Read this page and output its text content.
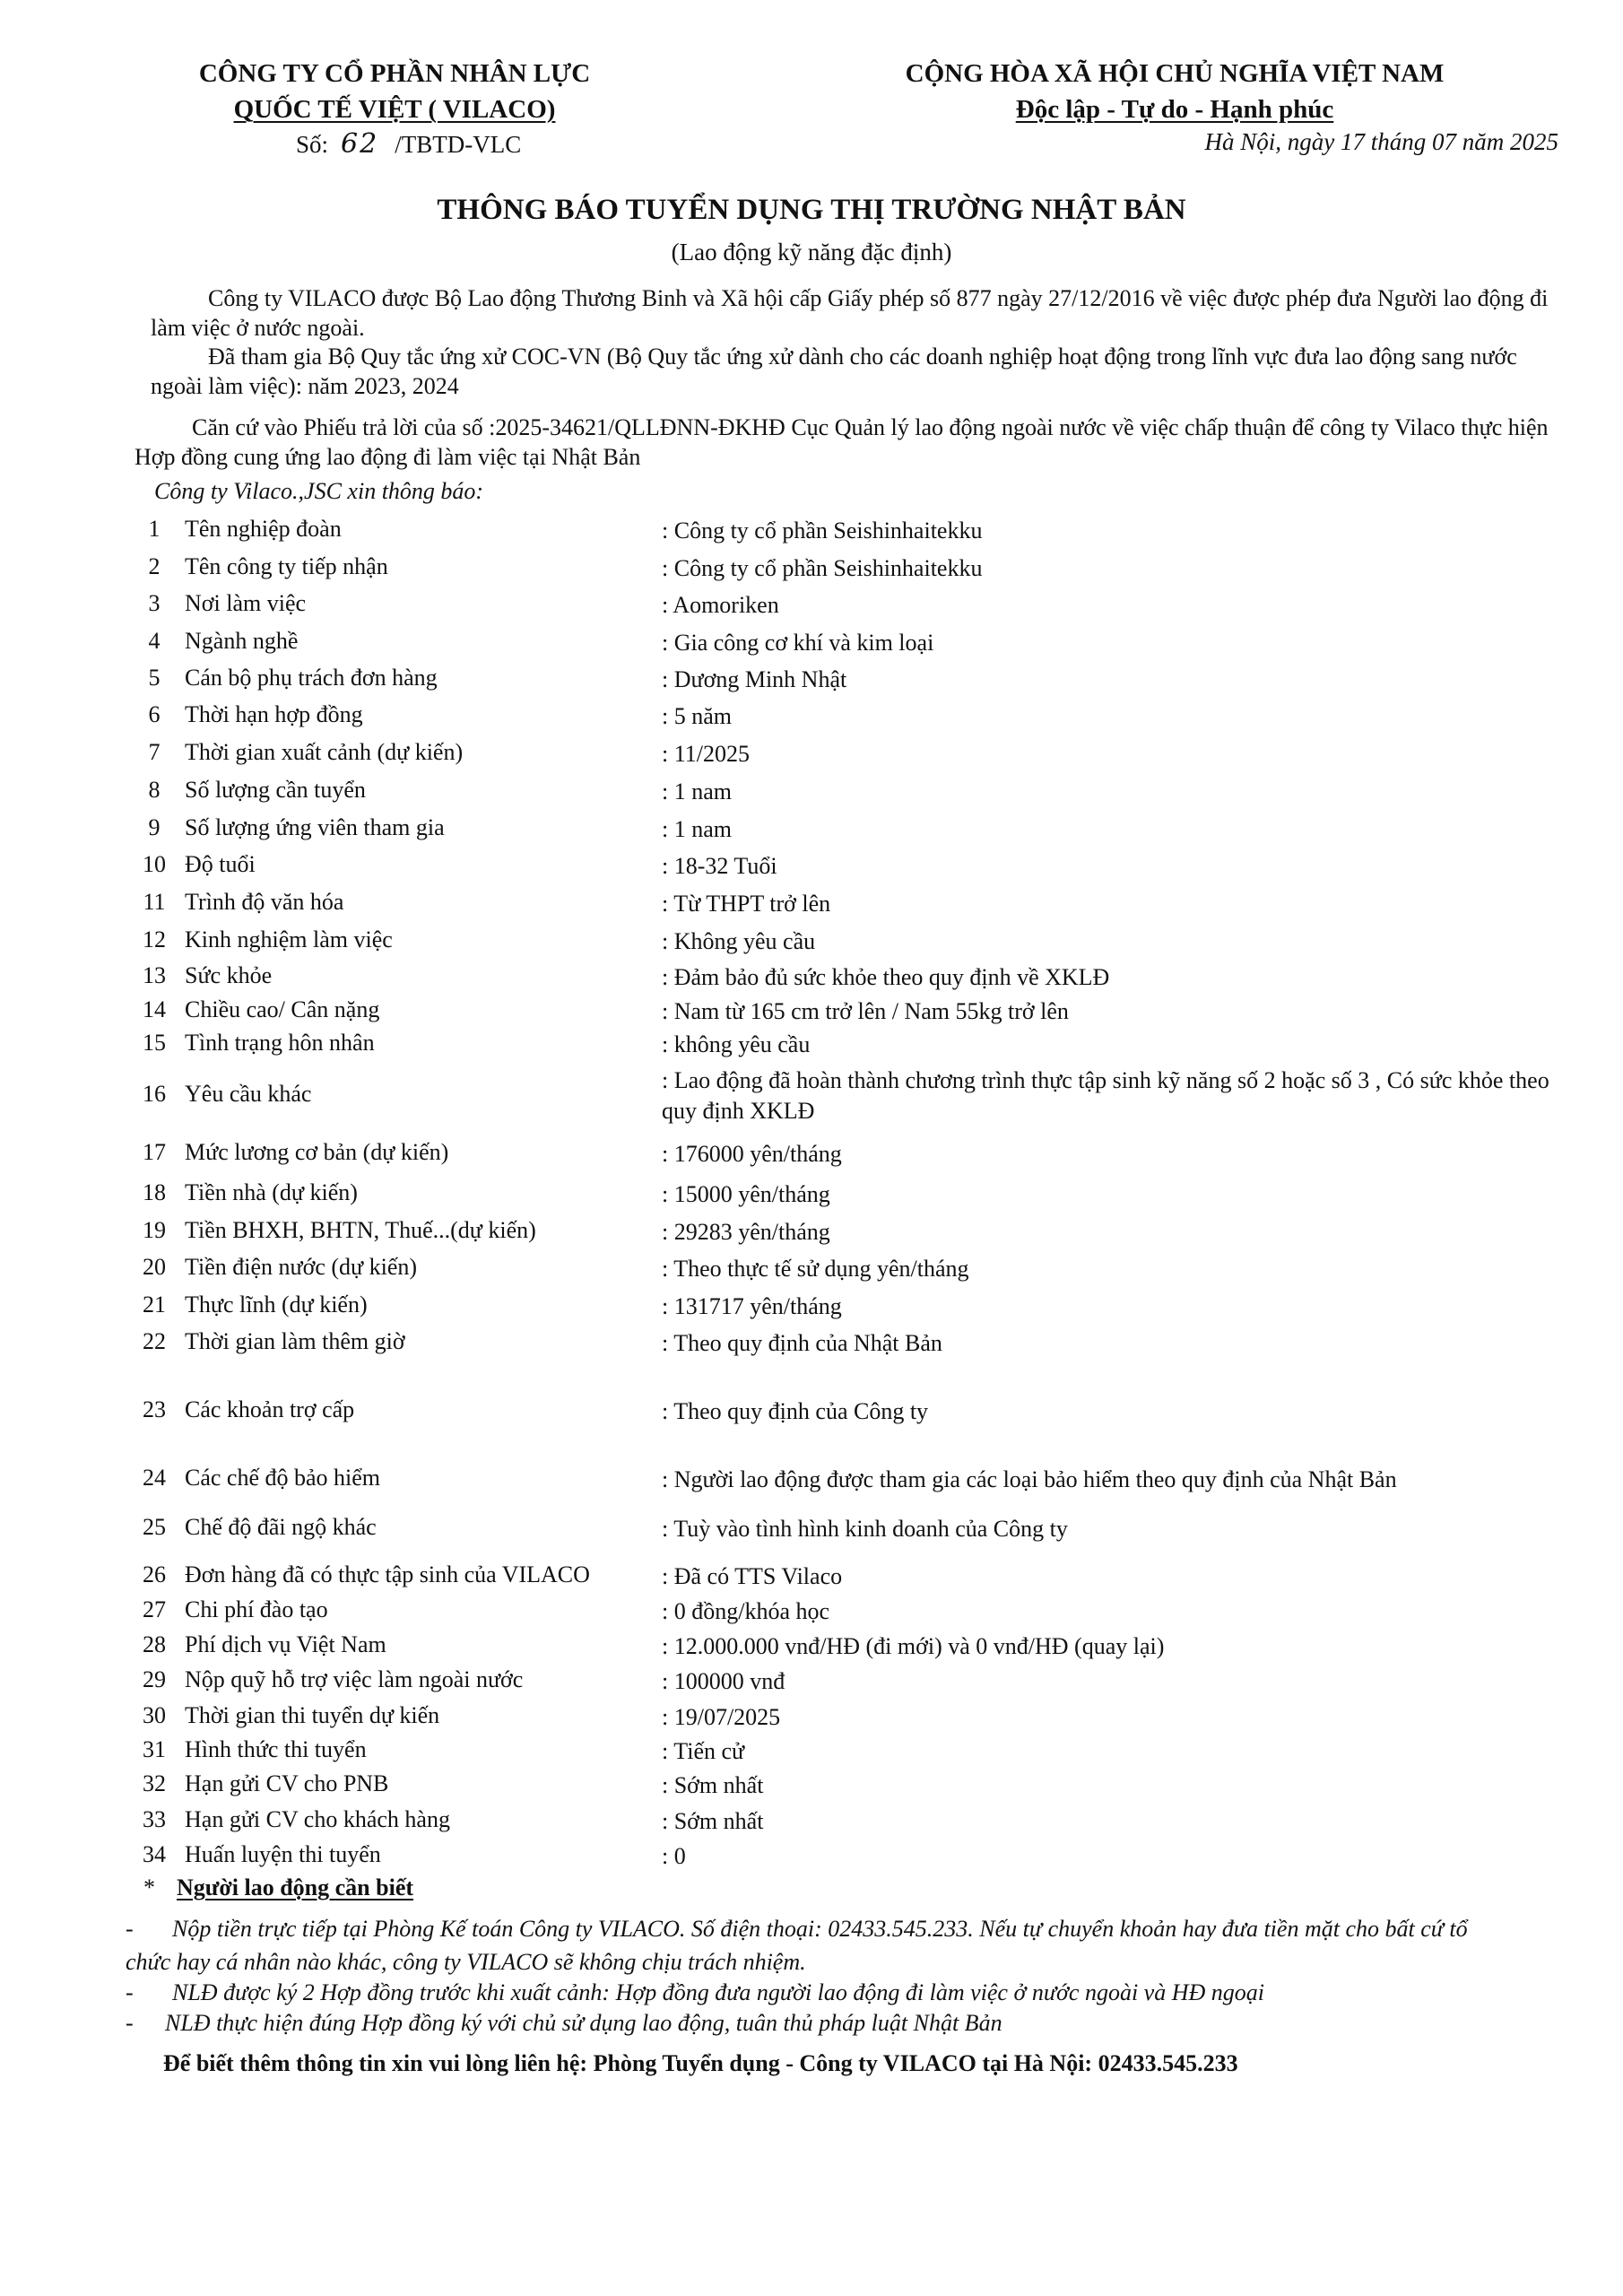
CÔNG TY CỔ PHẦN NHÂN LỰC
QUỐC TẾ VIỆT ( VILACO)
Số: 62 /TBTD-VLC
CỘNG HÒA XÃ HỘI CHỦ NGHĨA VIỆT NAM
Độc lập - Tự do - Hạnh phúc
Hà Nội, ngày 17 tháng 07 năm 2025
THÔNG BÁO TUYỂN DỤNG THỊ TRƯỜNG NHẬT BẢN
(Lao động kỹ năng đặc định)
Công ty VILACO được Bộ Lao động Thương Binh và Xã hội cấp Giấy phép số 877 ngày 27/12/2016 về việc được phép đưa Người lao động đi làm việc ở nước ngoài.
Đã tham gia Bộ Quy tắc ứng xử COC-VN (Bộ Quy tắc ứng xử dành cho các doanh nghiệp hoạt động trong lĩnh vực đưa lao động sang nước ngoài làm việc): năm 2023, 2024
Căn cứ vào Phiếu trả lời của số :2025-34621/QLLĐNN-ĐKHĐ Cục Quản lý lao động ngoài nước về việc chấp thuận để công ty Vilaco thực hiện Hợp đồng cung ứng lao động đi làm việc tại Nhật Bản
Công ty Vilaco.,JSC xin thông báo:
1	Tên nghiệp đoàn	: Công ty cổ phần Seishinhaitekku
2	Tên công ty tiếp nhận	: Công ty cổ phần Seishinhaitekku
3	Nơi làm việc	: Aomoriken
4	Ngành nghề	: Gia công cơ khí và kim loại
5	Cán bộ phụ trách đơn hàng	: Dương Minh Nhật
6	Thời hạn hợp đồng	: 5 năm
7	Thời gian xuất cảnh (dự kiến)	: 11/2025
8	Số lượng cần tuyển	: 1 nam
9	Số lượng ứng viên tham gia	: 1 nam
10 Độ tuổi	: 18-32 Tuổi
11 Trình độ văn hóa	: Từ THPT trở lên
12 Kinh nghiệm làm việc	: Không yêu cầu
13 Sức khỏe	: Đảm bảo đủ sức khỏe theo quy định về XKLĐ
14 Chiều cao/ Cân nặng	: Nam từ 165 cm trở lên / Nam 55kg trở lên
15 Tình trạng hôn nhân	: không yêu cầu
16 Yêu cầu khác
: Lao động đã hoàn thành chương trình thực tập sinh kỹ năng số 2 hoặc số 3 , Có sức khỏe theo quy định XKLĐ
17 Mức lương cơ bản (dự kiến)	: 176000 yên/tháng
18 Tiền nhà (dự kiến)	: 15000 yên/tháng
19 Tiền BHXH, BHTN, Thuế...(dự kiến)	: 29283 yên/tháng
20 Tiền điện nước (dự kiến)	: Theo thực tế sử dụng yên/tháng
21 Thực lĩnh (dự kiến)	: 131717 yên/tháng
22 Thời gian làm thêm giờ	: Theo quy định của Nhật Bản
23 Các khoản trợ cấp	: Theo quy định của Công ty
24 Các chế độ bảo hiểm	: Người lao động được tham gia các loại bảo hiểm theo quy định của Nhật Bản
25 Chế độ đãi ngộ khác	: Tuỳ vào tình hình kinh doanh của Công ty
26 Đơn hàng đã có thực tập sinh của VILACO	: Đã có TTS Vilaco
27 Chi phí đào tạo	: 0 đồng/khóa học
28 Phí dịch vụ Việt Nam	: 12.000.000 vnđ/HĐ (đi mới) và 0 vnđ/HĐ (quay lại)
29 Nộp quỹ hỗ trợ việc làm ngoài nước	: 100000 vnđ
30 Thời gian thi tuyển dự kiến	: 19/07/2025
31 Hình thức thi tuyển	: Tiến cử
32 Hạn gửi CV cho PNB	: Sớm nhất
33 Hạn gửi CV cho khách hàng	: Sớm nhất
34 Huấn luyện thi tuyển	: 0
* Người lao động cần biết
- Nộp tiền trực tiếp tại Phòng Kế toán Công ty VILACO. Số điện thoại: 02433.545.233. Nếu tự chuyển khoản hay đưa tiền mặt cho bất cứ tổ
chức hay cá nhân nào khác, công ty VILACO sẽ không chịu trách nhiệm.
- NLĐ được ký 2 Hợp đồng trước khi xuất cảnh: Hợp đồng đưa người lao động đi làm việc ở nước ngoài và HĐ ngoại
- NLĐ thực hiện đúng Hợp đồng ký với chủ sử dụng lao động, tuân thủ pháp luật Nhật Bản
Để biết thêm thông tin xin vui lòng liên hệ: Phòng Tuyển dụng - Công ty VILACO tại Hà Nội: 02433.545.233
